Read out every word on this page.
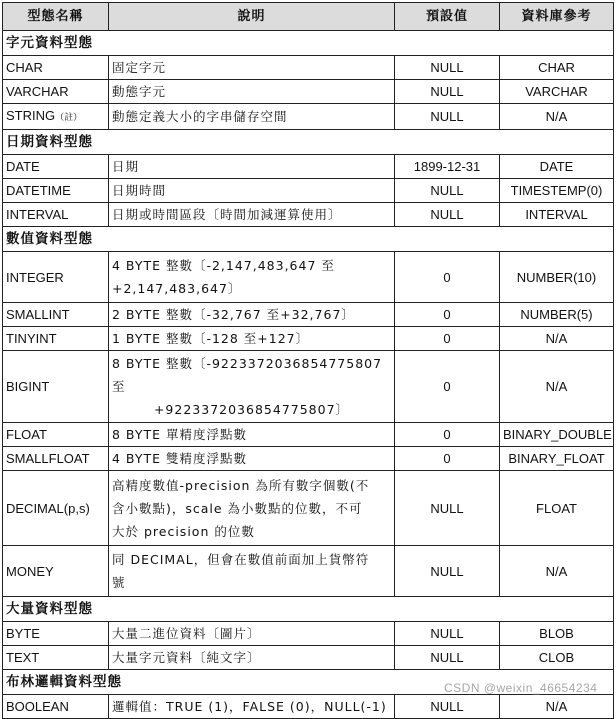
型態名稱	說明	預設值	資料庫參考
字元資料型態			
CHAR	固定字元	NULL	CHAR
VARCHAR	動態字元	NULL	VARCHAR
STRING（註）	動態定義大小的字串儲存空間	NULL	N/A
日期資料型態			
DATE	日期	1899-12-31	DATE
DATETIME	日期時間	NULL	TIMESTEMP(0)
INTERVAL	日期或時間區段〔時間加減運算使用〕	NULL	INTERVAL
數值資料型態			
INTEGER	4 BYTE 整數〔-2,147,483,647 至
+2,147,483,647〕	0	NUMBER(10)
SMALLINT	2 BYTE 整數〔-32,767 至+32,767〕	0	NUMBER(5)
TINYINT	1 BYTE 整數〔-128 至+127〕	0	N/A
BIGINT	8 BYTE 整數〔-9223372036854775807 至
+9223372036854775807〕	0	N/A
FLOAT	8 BYTE 單精度浮點數	0	BINARY_DOUBLE
SMALLFLOAT	4 BYTE 雙精度浮點數	0	BINARY_FLOAT
DECIMAL(p,s)	高精度數值-precision 為所有數字個數(不
含小數點)，scale 為小數點的位數，不可
大於 precision 的位數	NULL	FLOAT
MONEY	同 DECIMAL，但會在數值前面加上貨幣符
號	NULL	N/A
大量資料型態			
BYTE	大量二進位資料〔圖片〕	NULL	BLOB
TEXT	大量字元資料〔純文字〕	NULL	CLOB
布林邏輯資料型態			
BOOLEAN	邏輯值：TRUE (1)，FALSE (0)，NULL(-1)	NULL	N/A
CSDN @weixin_46654234
